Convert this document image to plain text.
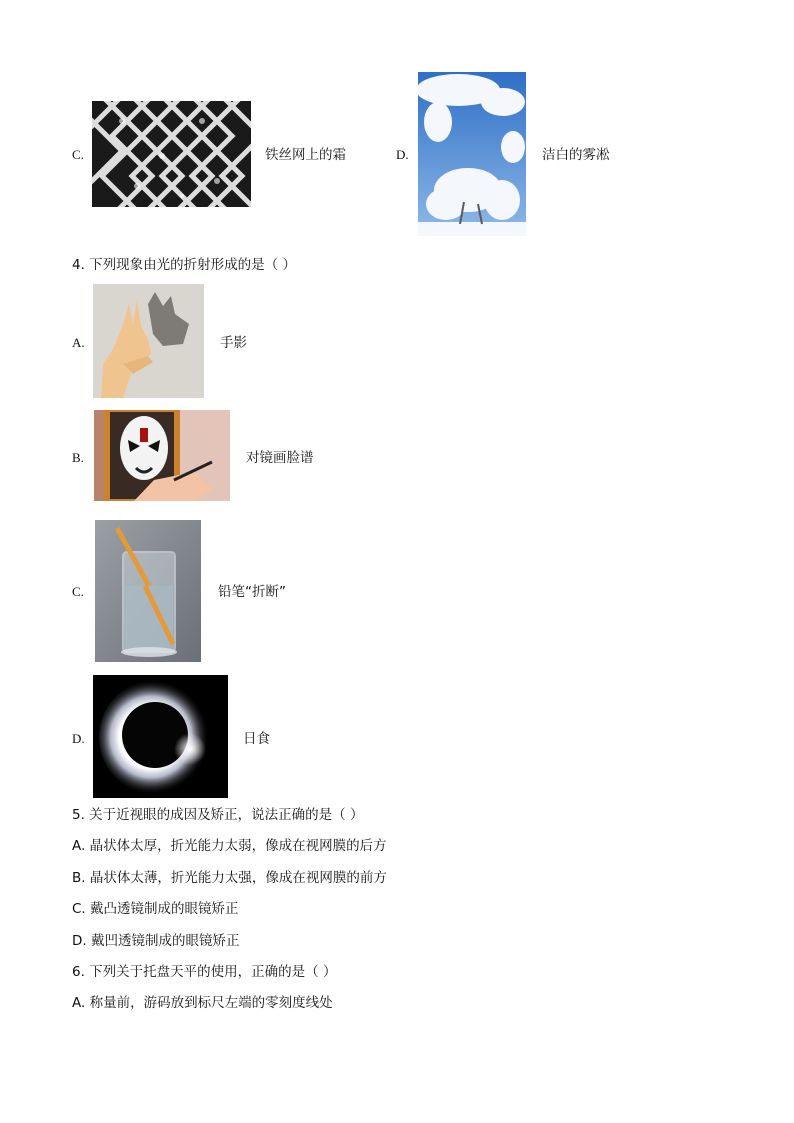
C.	铁丝网上的霜	D.	洁白的雾凇
4. 下列现象由光的折射形成的是（ ）
A.	手影
B.	对镜画脸谱
C.	铅笔“折断”
D.	日食
5. 关于近视眼的成因及矫正，说法正确的是（ ）
A. 晶状体太厚，折光能力太弱，像成在视网膜的后方
B. 晶状体太薄，折光能力太强，像成在视网膜的前方
C. 戴凸透镜制成的眼镜矫正
D. 戴凹透镜制成的眼镜矫正
6. 下列关于托盘天平的使用，正确的是（ ）
A. 称量前，游码放到标尺左端的零刻度线处
